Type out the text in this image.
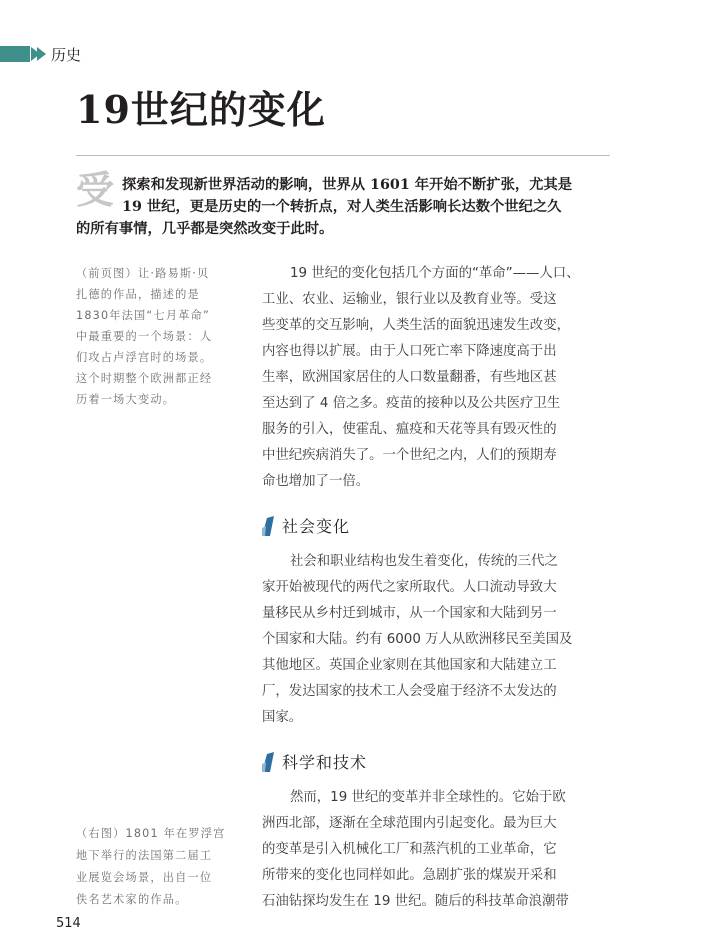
历史
19世纪的变化
受 探索和发现新世界活动的影响，世界从 1601 年开始不断扩张，尤其是
19 世纪，更是历史的一个转折点，对人类生活影响长达数个世纪之久
的所有事情，几乎都是突然改变于此时。
（前页图）让·路易斯·贝
扎德的作品，描述的是
1830年法国“七月革命”
中最重要的一个场景：人
们攻占卢浮宫时的场景。
这个时期整个欧洲都正经
历着一场大变动。
（右图）1801 年在罗浮宫
地下举行的法国第二届工
业展览会场景，出自一位
佚名艺术家的作品。
19 世纪的变化包括几个方面的“革命”——人口、
工业、农业、运输业，银行业以及教育业等。受这
些变革的交互影响，人类生活的面貌迅速发生改变，
内容也得以扩展。由于人口死亡率下降速度高于出
生率，欧洲国家居住的人口数量翻番，有些地区甚
至达到了 4 倍之多。疫苗的接种以及公共医疗卫生
服务的引入，使霍乱、瘟疫和天花等具有毁灭性的
中世纪疾病消失了。一个世纪之内，人们的预期寿
命也增加了一倍。
社会变化
社会和职业结构也发生着变化，传统的三代之
家开始被现代的两代之家所取代。人口流动导致大
量移民从乡村迁到城市，从一个国家和大陆到另一
个国家和大陆。约有 6000 万人从欧洲移民至美国及
其他地区。英国企业家则在其他国家和大陆建立工
厂，发达国家的技术工人会受雇于经济不太发达的
国家。
科学和技术
然而，19 世纪的变革并非全球性的。它始于欧
洲西北部，逐渐在全球范围内引起变化。最为巨大
的变革是引入机械化工厂和蒸汽机的工业革命，它
所带来的变化也同样如此。急剧扩张的煤炭开采和
石油钻探均发生在 19 世纪。随后的科技革命浪潮带
514
